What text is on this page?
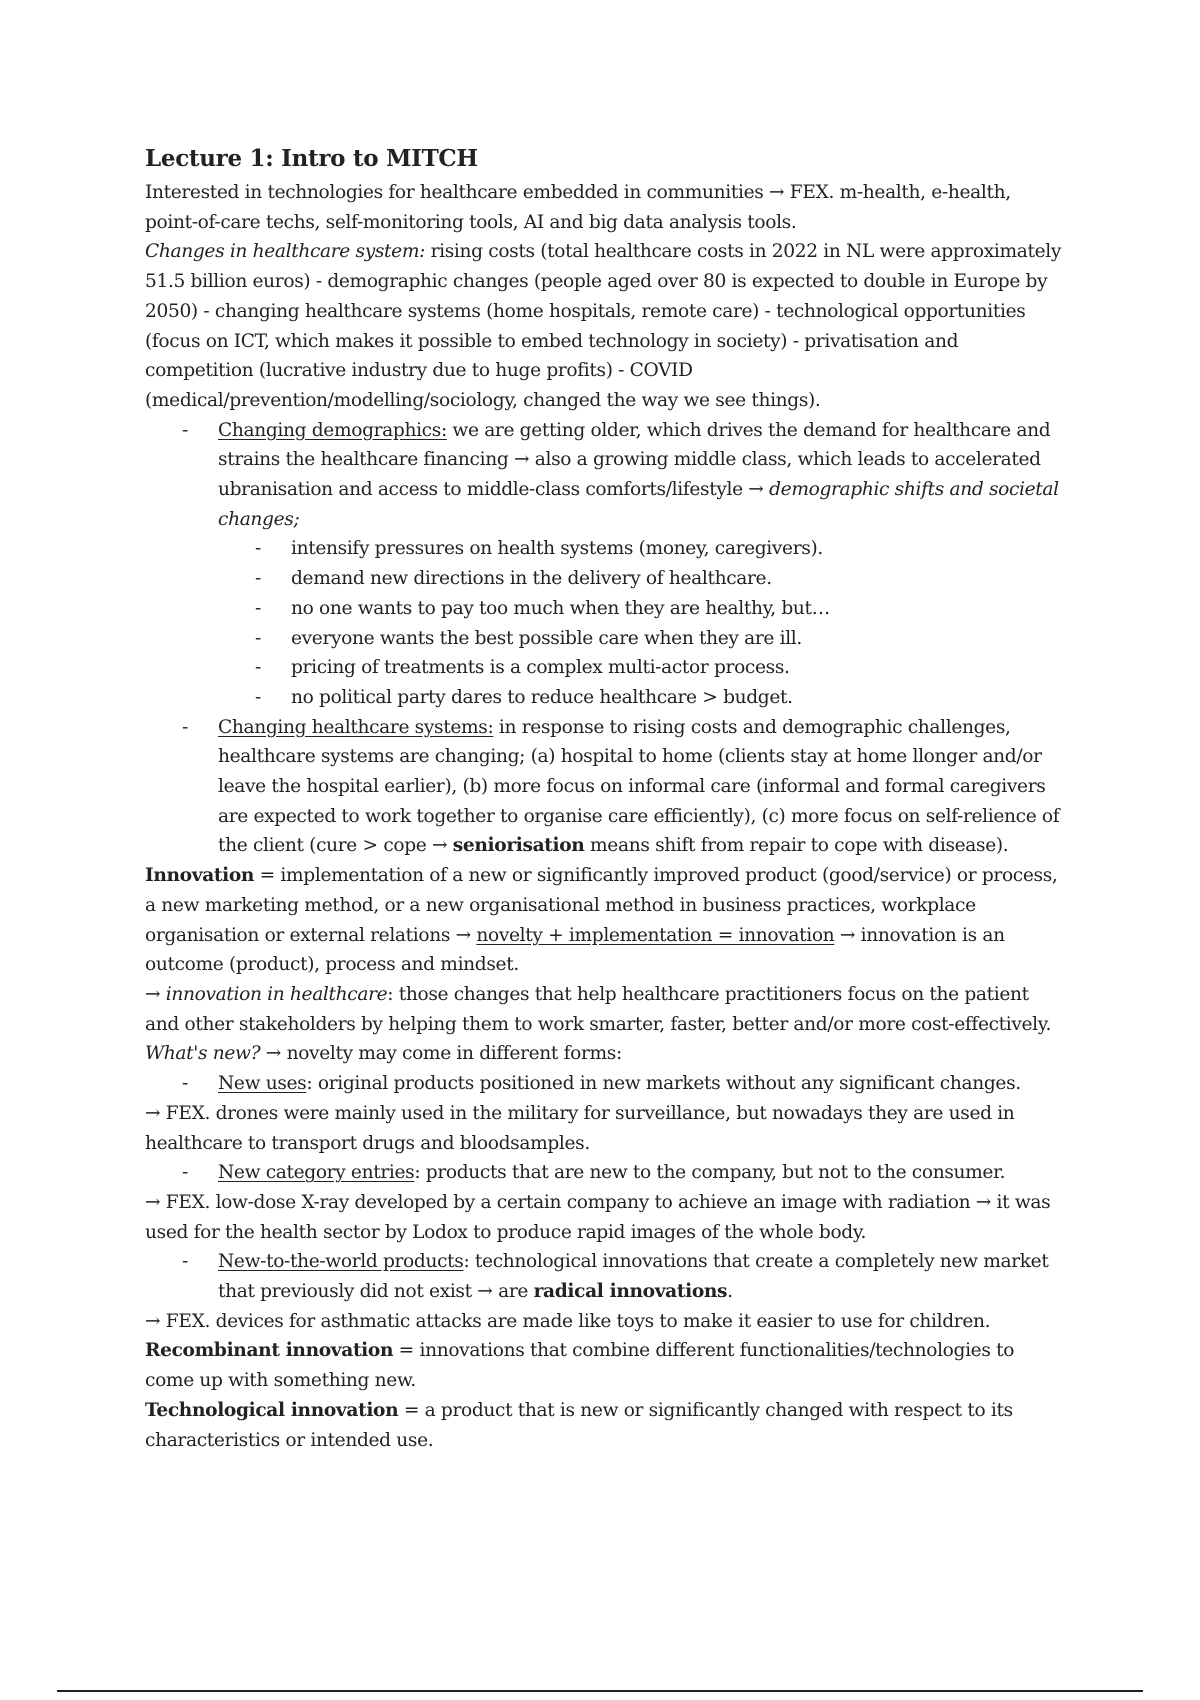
Lecture 1: Intro to MITCH

Interested in technologies for healthcare embedded in communities → FEX. m-health, e-health, point-of-care techs, self-monitoring tools, AI and big data analysis tools.

Changes in healthcare system: rising costs (total healthcare costs in 2022 in NL were approximately 51.5 billion euros) - demographic changes (people aged over 80 is expected to double in Europe by 2050) - changing healthcare systems (home hospitals, remote care) - technological opportunities (focus on ICT, which makes it possible to embed technology in society) - privatisation and competition (lucrative industry due to huge profits) - COVID (medical/prevention/modelling/sociology, changed the way we see things).

- Changing demographics: we are getting older, which drives the demand for healthcare and strains the healthcare financing → also a growing middle class, which leads to accelerated ubranisation and access to middle-class comforts/lifestyle → demographic shifts and societal changes;
- intensify pressures on health systems (money, caregivers).
- demand new directions in the delivery of healthcare.
- no one wants to pay too much when they are healthy, but…
- everyone wants the best possible care when they are ill.
- pricing of treatments is a complex multi-actor process.
- no political party dares to reduce healthcare > budget.
- Changing healthcare systems: in response to rising costs and demographic challenges, healthcare systems are changing; (a) hospital to home (clients stay at home llonger and/or leave the hospital earlier), (b) more focus on informal care (informal and formal caregivers are expected to work together to organise care efficiently), (c) more focus on self-relience of the client (cure > cope → seniorisation means shift from repair to cope with disease).

Innovation = implementation of a new or significantly improved product (good/service) or process, a new marketing method, or a new organisational method in business practices, workplace organisation or external relations → novelty + implementation = innovation → innovation is an outcome (product), process and mindset.

→ innovation in healthcare: those changes that help healthcare practitioners focus on the patient and other stakeholders by helping them to work smarter, faster, better and/or more cost-effectively.

What's new? → novelty may come in different forms:

- New uses: original products positioned in new markets without any significant changes.

→ FEX. drones were mainly used in the military for surveillance, but nowadays they are used in healthcare to transport drugs and bloodsamples.

- New category entries: products that are new to the company, but not to the consumer.

→ FEX. low-dose X-ray developed by a certain company to achieve an image with radiation → it was used for the health sector by Lodox to produce rapid images of the whole body.

- New-to-the-world products: technological innovations that create a completely new market that previously did not exist → are radical innovations.

→ FEX. devices for asthmatic attacks are made like toys to make it easier to use for children.

Recombinant innovation = innovations that combine different functionalities/technologies to come up with something new.

Technological innovation = a product that is new or significantly changed with respect to its characteristics or intended use.
